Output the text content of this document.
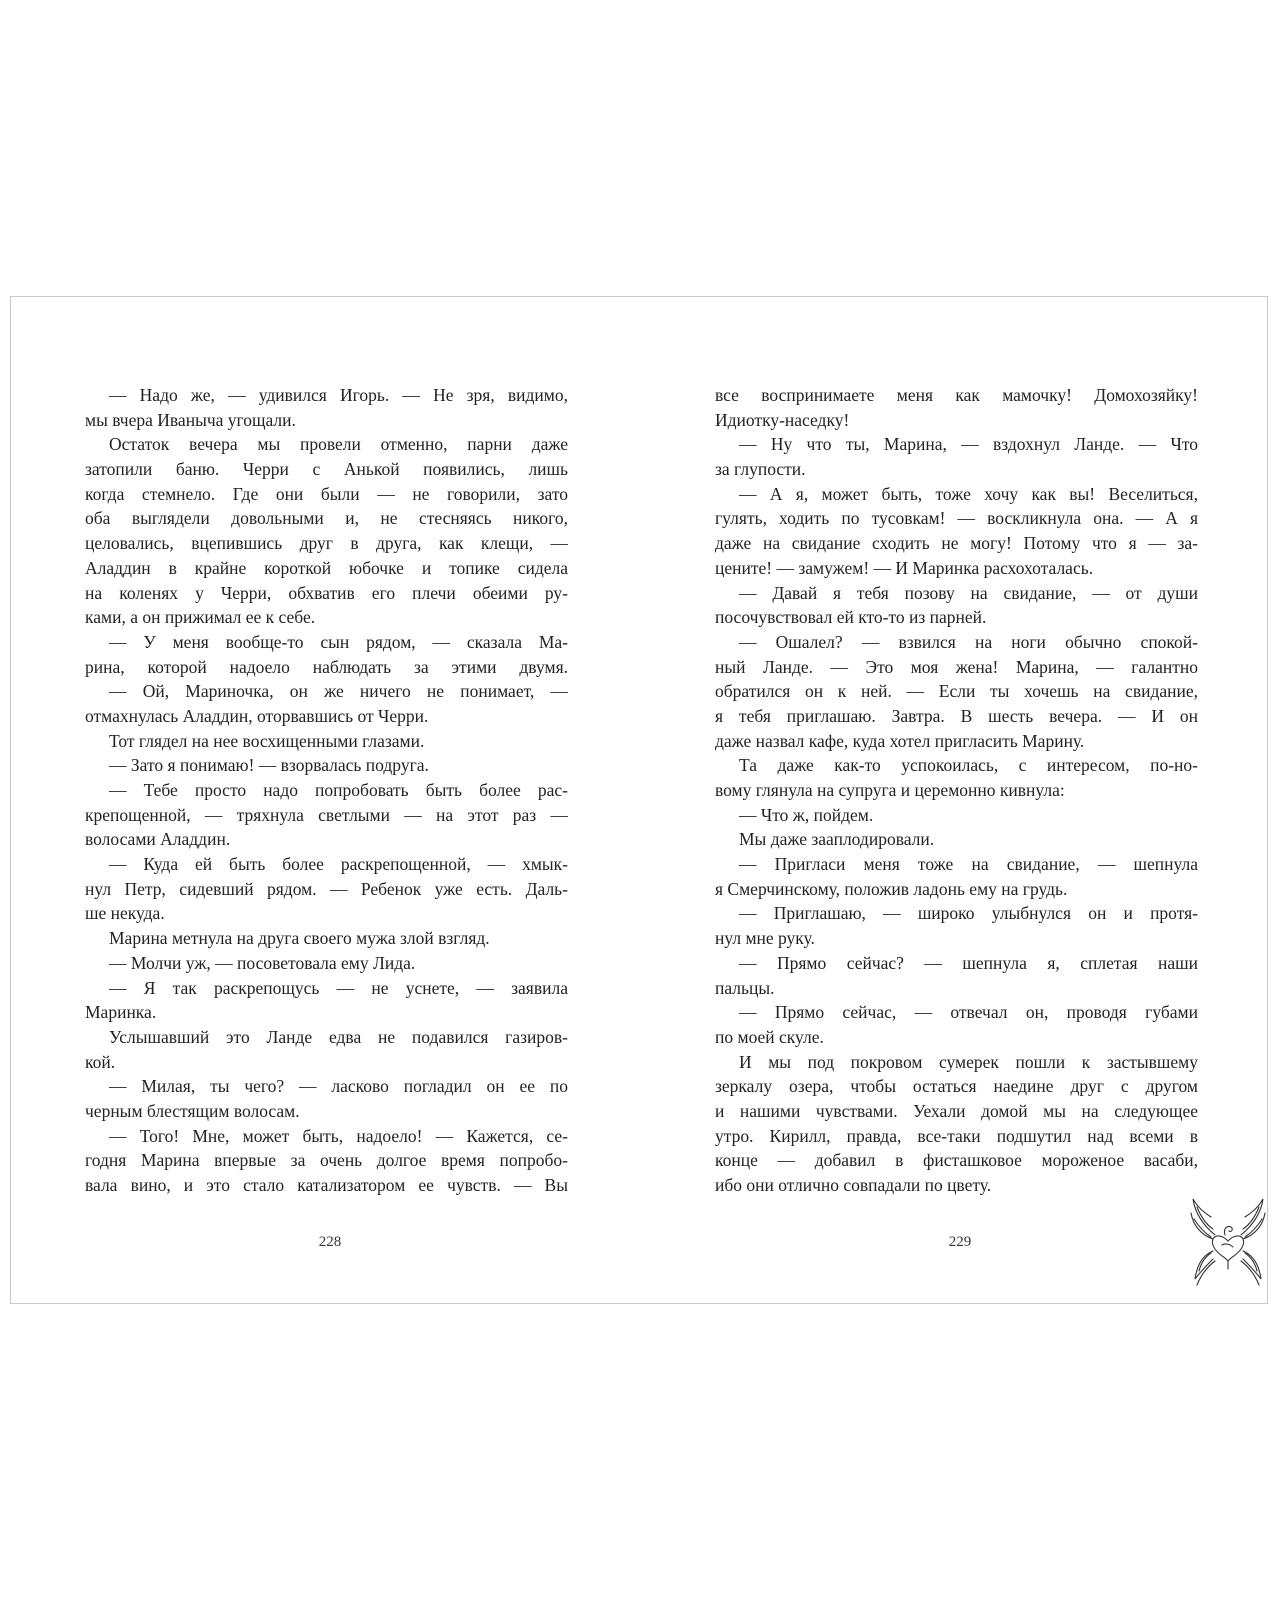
— Надо же, — удивился Игорь. — Не зря, видимо,
мы вчера Иваныча угощали.
Остаток вечера мы провели отменно, парни даже
затопили баню. Черри с Анькой появились, лишь
когда стемнело. Где они были — не говорили, зато
оба выглядели довольными и, не стесняясь никого,
целовались, вцепившись друг в друга, как клещи, —
Аладдин в крайне короткой юбочке и топике сидела
на коленях у Черри, обхватив его плечи обеими ру-
ками, а он прижимал ее к себе.
— У меня вообще-то сын рядом, — сказала Ма-
рина, которой надоело наблюдать за этими двумя.
— Ой, Мариночка, он же ничего не понимает, —
отмахнулась Аладдин, оторвавшись от Черри.
Тот глядел на нее восхищенными глазами.
— Зато я понимаю! — взорвалась подруга.
— Тебе просто надо попробовать быть более рас-
крепощенной, — тряхнула светлыми — на этот раз —
волосами Аладдин.
— Куда ей быть более раскрепощенной, — хмык-
нул Петр, сидевший рядом. — Ребенок уже есть. Даль-
ше некуда.
Марина метнула на друга своего мужа злой взгляд.
— Молчи уж, — посоветовала ему Лида.
— Я так раскрепощусь — не уснете, — заявила
Маринка.
Услышавший это Ланде едва не подавился газиров-
кой.
— Милая, ты чего? — ласково погладил он ее по
черным блестящим волосам.
— Того! Мне, может быть, надоело! — Кажется, се-
годня Марина впервые за очень долгое время попробо-
вала вино, и это стало катализатором ее чувств. — Вы
все воспринимаете меня как мамочку! Домохозяйку!
Идиотку-наседку!
— Ну что ты, Марина, — вздохнул Ланде. — Что
за глупости.
— А я, может быть, тоже хочу как вы! Веселиться,
гулять, ходить по тусовкам! — воскликнула она. — А я
даже на свидание сходить не могу! Потому что я — за-
цените! — замужем! — И Маринка расхохоталась.
— Давай я тебя позову на свидание, — от души
посочувствовал ей кто-то из парней.
— Ошалел? — взвился на ноги обычно спокой-
ный Ланде. — Это моя жена! Марина, — галантно
обратился он к ней. — Если ты хочешь на свидание,
я тебя приглашаю. Завтра. В шесть вечера. — И он
даже назвал кафе, куда хотел пригласить Марину.
Та даже как-то успокоилась, с интересом, по-но-
вому глянула на супруга и церемонно кивнула:
— Что ж, пойдем.
Мы даже зааплодировали.
— Пригласи меня тоже на свидание, — шепнула
я Смерчинскому, положив ладонь ему на грудь.
— Приглашаю, — широко улыбнулся он и протя-
нул мне руку.
— Прямо сейчас? — шепнула я, сплетая наши
пальцы.
— Прямо сейчас, — отвечал он, проводя губами
по моей скуле.
И мы под покровом сумерек пошли к застывшему
зеркалу озера, чтобы остаться наедине друг с другом
и нашими чувствами. Уехали домой мы на следующее
утро. Кирилл, правда, все-таки подшутил над всеми в
конце — добавил в фисташковое мороженое васаби,
ибо они отлично совпадали по цвету.
228	229
